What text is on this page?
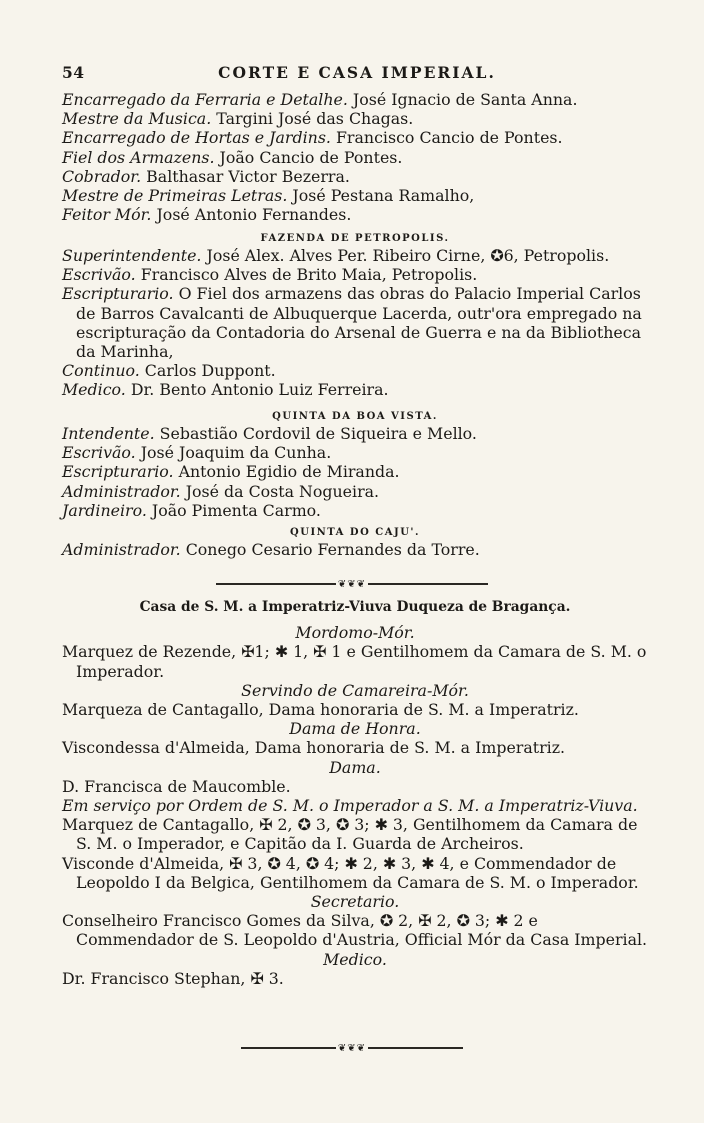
54	CORTE E CASA IMPERIAL.

Encarregado da Ferraria e Detalhe. José Ignacio de Santa Anna.

Mestre da Musica. Targini José das Chagas.

Encarregado de Hortas e Jardins. Francisco Cancio de Pontes.

Fiel dos Armazens. João Cancio de Pontes.

Cobrador. Balthasar Victor Bezerra.

Mestre de Primeiras Letras. José Pestana Ramalho,

Feitor Mór. José Antonio Fernandes.

FAZENDA DE PETROPOLIS.

Superintendente. José Alex. Alves Per. Ribeiro Cirne, ✪6, Petropolis.

Escrivão. Francisco Alves de Brito Maia, Petropolis.

Escripturario. O Fiel dos armazens das obras do Palacio Imperial Carlos de Barros Cavalcanti de Albuquerque Lacerda, outr'ora empregado na escripturação da Contadoria do Arsenal de Guerra e na da Bibliotheca da Marinha,

Continuo. Carlos Duppont.

Medico. Dr. Bento Antonio Luiz Ferreira.

QUINTA DA BOA VISTA.

Intendente. Sebastião Cordovil de Siqueira e Mello.

Escrivão. José Joaquim da Cunha.

Escripturario. Antonio Egidio de Miranda.

Administrador. José da Costa Nogueira.

Jardineiro. João Pimenta Carmo.

QUINTA DO CAJU'.

Administrador. Conego Cesario Fernandes da Torre.

❦❦❦
Casa de S. M. a Imperatriz-Viuva Duqueza de Bragança.

Mordomo-Mór.

Marquez de Rezende, ✠1; ✱ 1, ✠ 1 e Gentilhomem da Camara de S. M. o Imperador.

Servindo de Camareira-Mór.

Marqueza de Cantagallo, Dama honoraria de S. M. a Imperatriz.

Dama de Honra.

Viscondessa d'Almeida, Dama honoraria de S. M. a Imperatriz.

Dama.

D. Francisca de Maucomble.

Em serviço por Ordem de S. M. o Imperador a S. M. a Imperatriz-Viuva.

Marquez de Cantagallo, ✠ 2, ✪ 3, ✪ 3; ✱ 3, Gentilhomem da Camara de S. M. o Imperador, e Capitão da I. Guarda de Archeiros.

Visconde d'Almeida, ✠ 3, ✪ 4, ✪ 4; ✱ 2, ✱ 3, ✱ 4, e Commendador de Leopoldo I da Belgica, Gentilhomem da Camara de S. M. o Imperador.

Secretario.

Conselheiro Francisco Gomes da Silva, ✪ 2, ✠ 2, ✪ 3; ✱ 2 e Commendador de S. Leopoldo d'Austria, Official Mór da Casa Imperial.

Medico.

Dr. Francisco Stephan, ✠ 3.

❦❦❦
